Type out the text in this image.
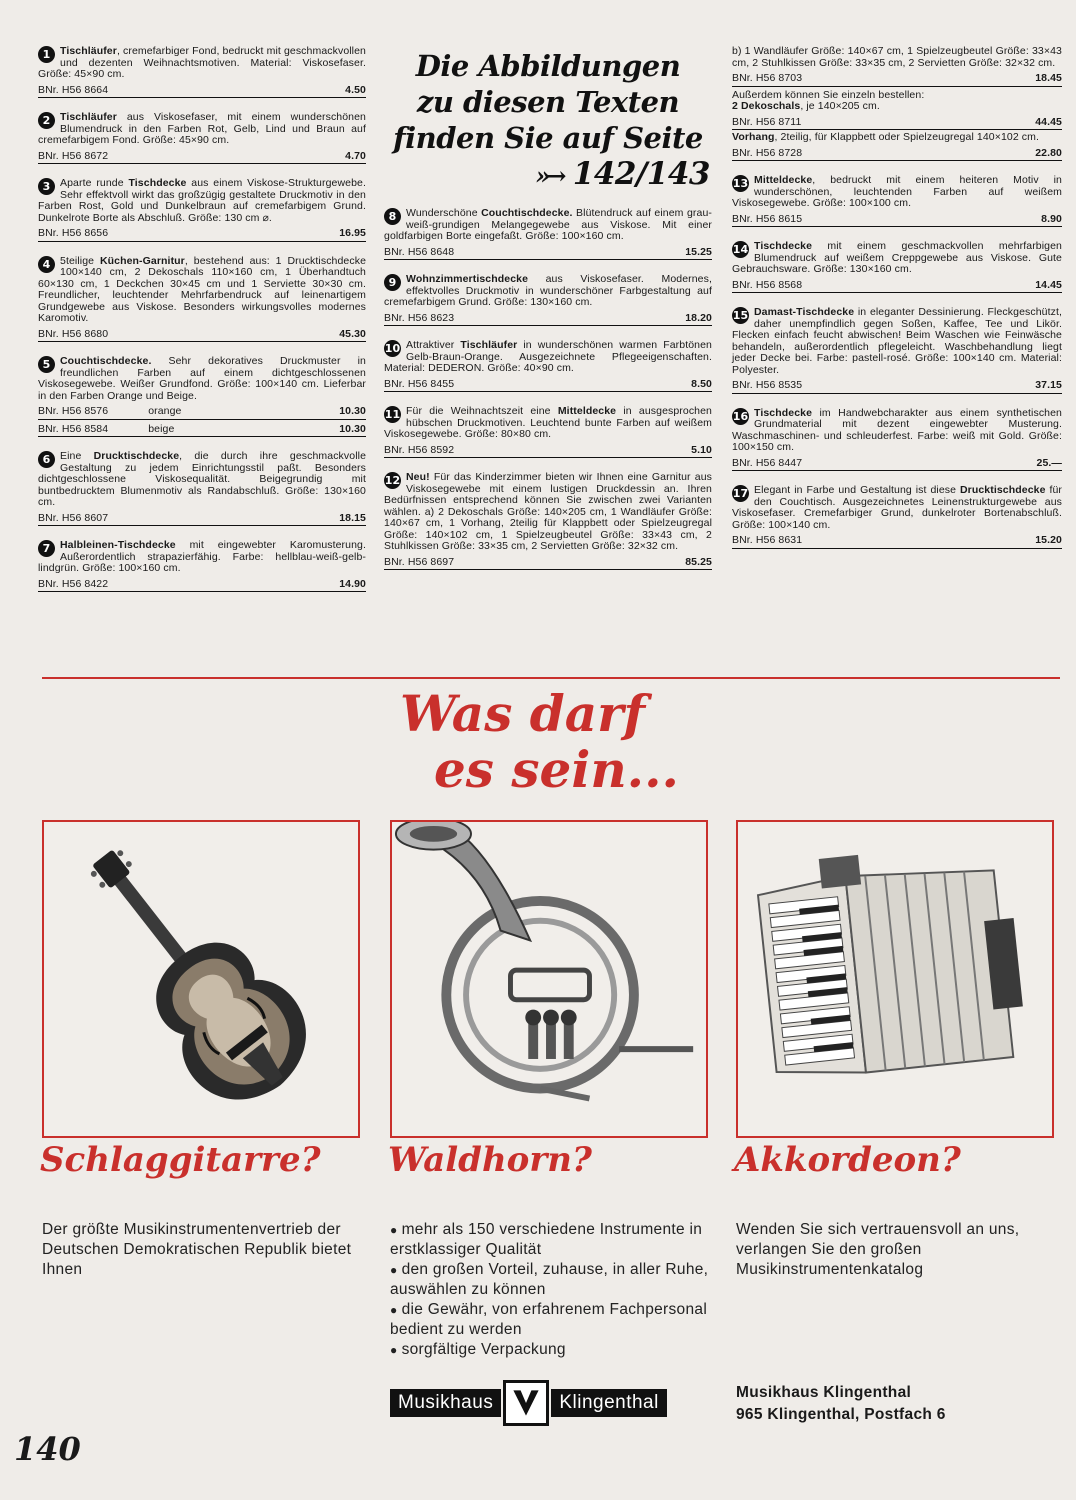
1 Tischläufer, cremefarbiger Fond, bedruckt mit geschmackvollen und dezenten Weihnachtsmotiven. Material: Viskosefaser. Größe: 45×90 cm.
BNr. H56 8664	4.50
2 Tischläufer aus Viskosefaser, mit einem wunderschönen Blumendruck in den Farben Rot, Gelb, Lind und Braun auf cremefarbigem Fond. Größe: 45×90 cm.
BNr. H56 8672	4.70
3 Aparte runde Tischdecke aus einem Viskose-Strukturgewebe. Sehr effektvoll wirkt das großzügig gestaltete Druckmotiv in den Farben Rost, Gold und Dunkelbraun auf cremefarbigem Grund. Dunkelrote Borte als Abschluß. Größe: 130 cm ⌀.
BNr. H56 8656	16.95
4 5teilige Küchen-Garnitur, bestehend aus: 1 Drucktischdecke 100×140 cm, 2 Dekoschals 110×160 cm, 1 Überhandtuch 60×130 cm, 1 Deckchen 30×45 cm und 1 Serviette 30×30 cm. Freundlicher, leuchtender Mehrfarbendruck auf leinenartigem Grundgewebe aus Viskose. Besonders wirkungsvolles modernes Karomotiv.
BNr. H56 8680	45.30
5 Couchtischdecke. Sehr dekoratives Druckmuster in freundlichen Farben auf einem dichtgeschlossenen Viskosegewebe. Weißer Grundfond. Größe: 100×140 cm. Lieferbar in den Farben Orange und Beige.
BNr. H56 8576	orange	10.30
BNr. H56 8584	beige	10.30
6 Eine Drucktischdecke, die durch ihre geschmackvolle Gestaltung zu jedem Einrichtungsstil paßt. Besonders dichtgeschlossene Viskosequalität. Beigegrundig mit buntbedrucktem Blumenmotiv als Randabschluß. Größe: 130×160 cm.
BNr. H56 8607	18.15
7 Halbleinen-Tischdecke mit eingewebter Karomusterung. Außerordentlich strapazierfähig. Farbe: hellblau-weiß-gelb-lindgrün. Größe: 100×160 cm.
BNr. H56 8422	14.90
Die Abbildungen
zu diesen Texten
finden Sie auf Seite
»→ 142/143
8 Wunderschöne Couchtischdecke. Blütendruck auf einem grau-weiß-grundigen Melangegewebe aus Viskose. Mit einer goldfarbigen Borte eingefaßt. Größe: 100×160 cm.
BNr. H56 8648	15.25
9 Wohnzimmertischdecke aus Viskosefaser. Modernes, effektvolles Druckmotiv in wunderschöner Farbgestaltung auf cremefarbigem Grund. Größe: 130×160 cm.
BNr. H56 8623	18.20
10 Attraktiver Tischläufer in wunderschönen warmen Farbtönen Gelb-Braun-Orange. Ausgezeichnete Pflegeeigenschaften. Material: DEDERON. Größe: 40×90 cm.
BNr. H56 8455	8.50
11 Für die Weihnachtszeit eine Mitteldecke in ausgesprochen hübschen Druckmotiven. Leuchtend bunte Farben auf weißem Viskosegewebe. Größe: 80×80 cm.
BNr. H56 8592	5.10
12 Neu! Für das Kinderzimmer bieten wir Ihnen eine Garnitur aus Viskosegewebe mit einem lustigen Druckdessin an. Ihren Bedürfnissen entsprechend können Sie zwischen zwei Varianten wählen. a) 2 Dekoschals Größe: 140×205 cm, 1 Wandläufer Größe: 140×67 cm, 1 Vorhang, 2teilig für Klappbett oder Spielzeugregal Größe: 140×102 cm, 1 Spielzeugbeutel Größe: 33×43 cm, 2 Stuhlkissen Größe: 33×35 cm, 2 Servietten Größe: 32×32 cm.
BNr. H56 8697	85.25
b) 1 Wandläufer Größe: 140×67 cm, 1 Spielzeugbeutel Größe: 33×43 cm, 2 Stuhlkissen Größe: 33×35 cm, 2 Servietten Größe: 32×32 cm.
BNr. H56 8703	18.45
Außerdem können Sie einzeln bestellen:
2 Dekoschals, je 140×205 cm.
BNr. H56 8711	44.45
Vorhang, 2teilig, für Klappbett oder Spielzeugregal 140×102 cm.
BNr. H56 8728	22.80
13 Mitteldecke, bedruckt mit einem heiteren Motiv in wunderschönen, leuchtenden Farben auf weißem Viskosegewebe. Größe: 100×100 cm.
BNr. H56 8615	8.90
14 Tischdecke mit einem geschmackvollen mehrfarbigen Blumendruck auf weißem Creppgewebe aus Viskose. Gute Gebrauchsware. Größe: 130×160 cm.
BNr. H56 8568	14.45
15 Damast-Tischdecke in eleganter Dessinierung. Fleckgeschützt, daher unempfindlich gegen Soßen, Kaffee, Tee und Likör. Flecken einfach feucht abwischen! Beim Waschen wie Feinwäsche behandeln, außerordentlich pflegeleicht. Waschbehandlung liegt jeder Decke bei. Farbe: pastell-rosé. Größe: 100×140 cm. Material: Polyester.
BNr. H56 8535	37.15
16 Tischdecke im Handwebcharakter aus einem synthetischen Grundmaterial mit dezent eingewebter Musterung. Waschmaschinen- und schleuderfest. Farbe: weiß mit Gold. Größe: 100×150 cm.
BNr. H56 8447	25.—
17 Elegant in Farbe und Gestaltung ist diese Drucktischdecke für den Couchtisch. Ausgezeichnetes Leinenstrukturgewebe aus Viskosefaser. Cremefarbiger Grund, dunkelroter Bortenabschluß. Größe: 100×140 cm.
BNr. H56 8631	15.20
Was darf
es sein...
Schlaggitarre? Waldhorn?	Akkordeon?
Der größte Musikinstrumentenvertrieb der Deutschen Demokratischen Republik bietet Ihnen
● mehr als 150 verschiedene Instrumente in erstklassiger Qualität
● den großen Vorteil, zuhause, in aller Ruhe, auswählen zu können
● die Gewähr, von erfahrenem Fachpersonal bedient zu werden
● sorgfältige Verpackung
Wenden Sie sich vertrauensvoll an uns, verlangen Sie den großen Musikinstrumentenkatalog
Musikhaus	Klingenthal	Musikhaus Klingenthal
965 Klingenthal, Postfach 6
140
